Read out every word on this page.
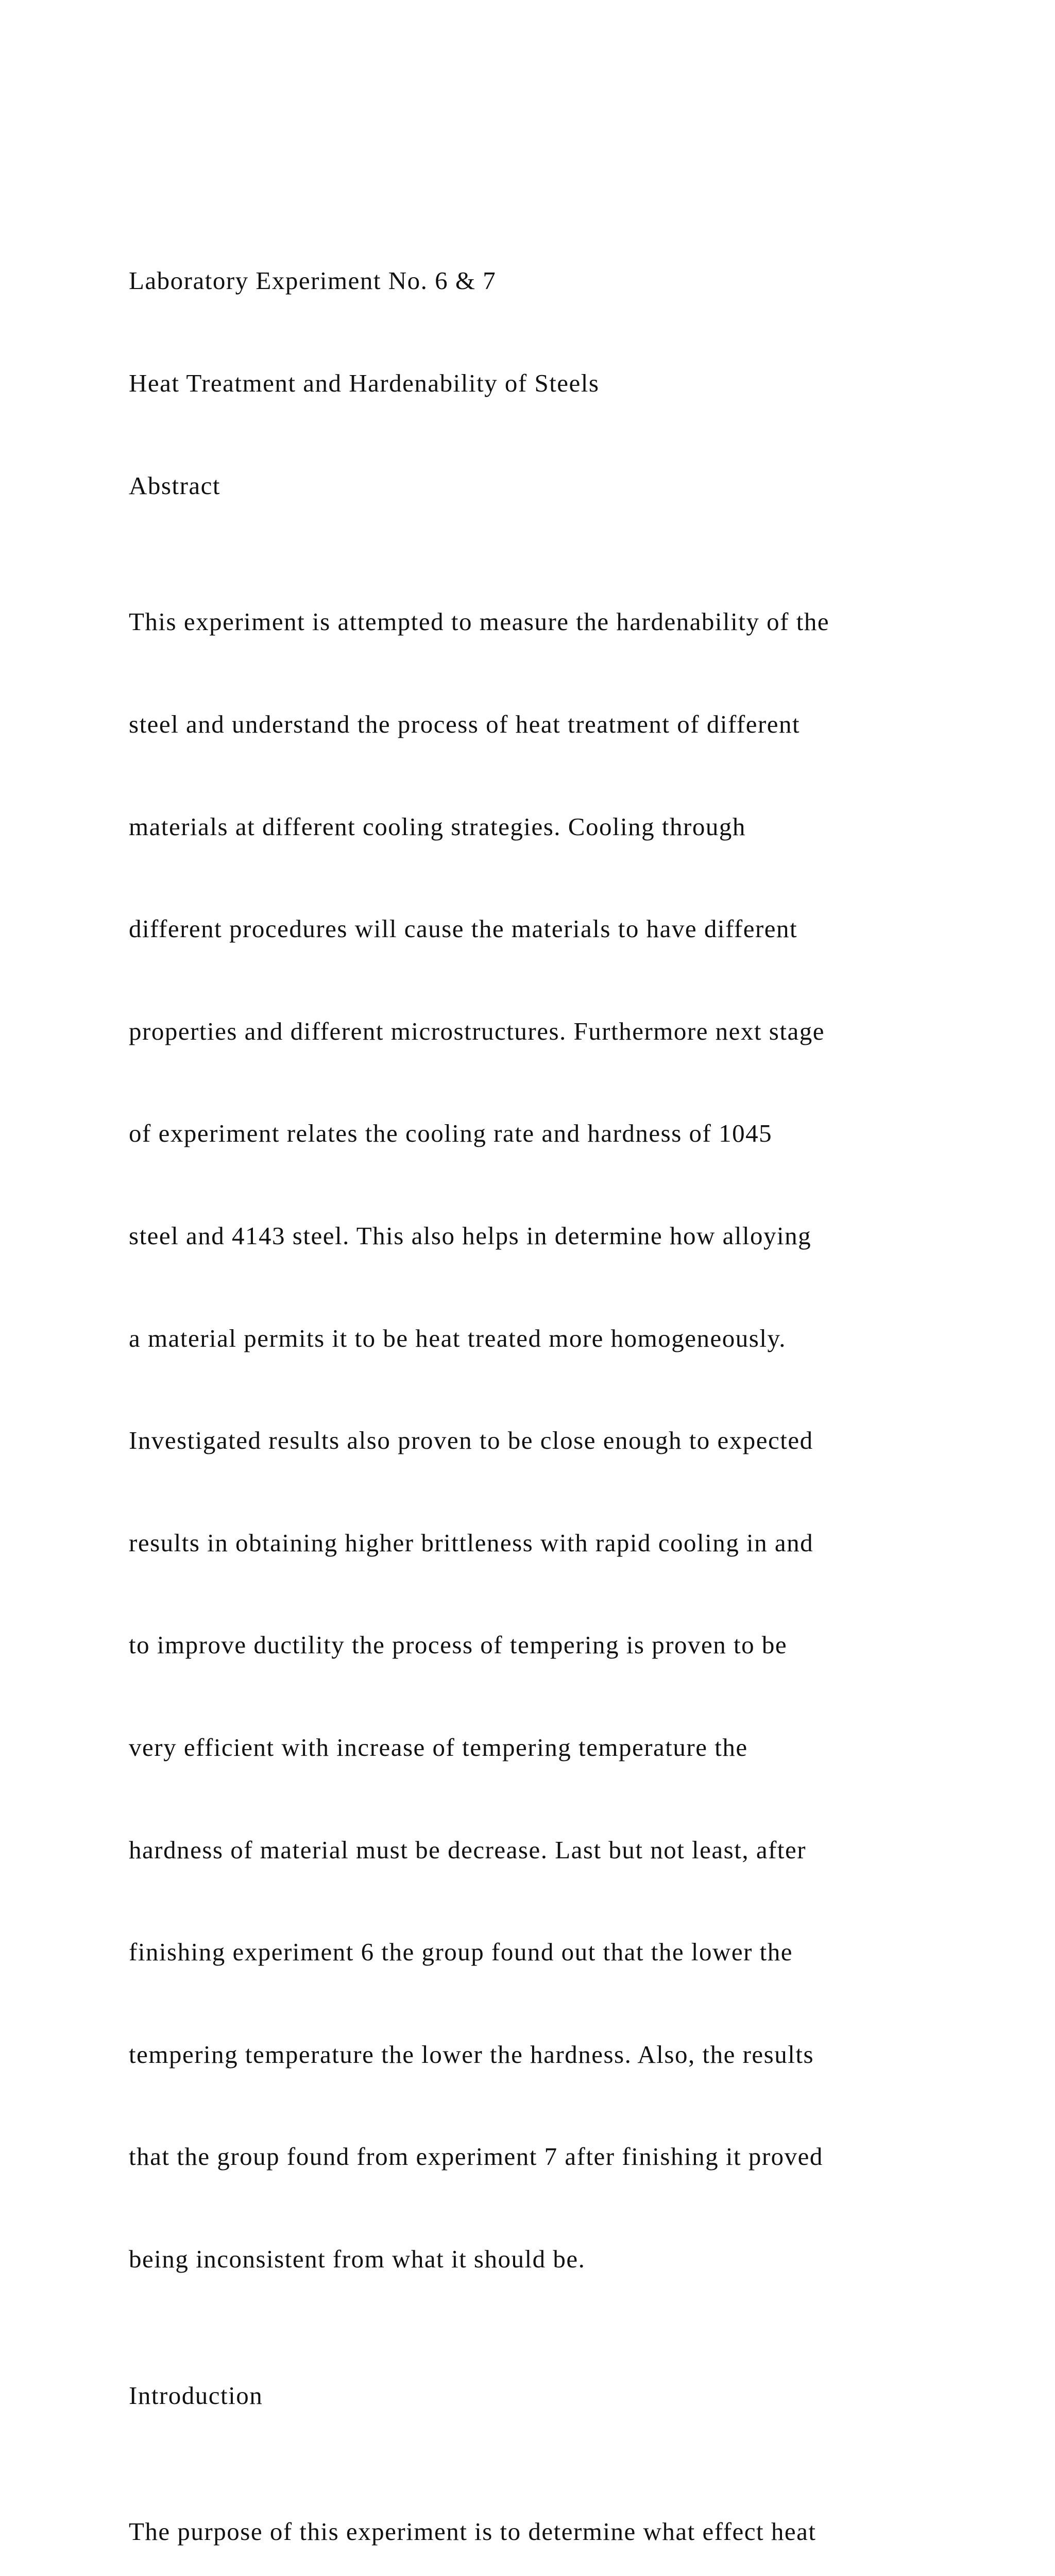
Laboratory Experiment No. 6 & 7

Heat Treatment and Hardenability of Steels

Abstract

This experiment is attempted to measure the hardenability of the

steel and understand the process of heat treatment of different

materials at different cooling strategies. Cooling through

different procedures will cause the materials to have different

properties and different microstructures. Furthermore next stage

of experiment relates the cooling rate and hardness of 1045

steel and 4143 steel. This also helps in determine how alloying

a material permits it to be heat treated more homogeneously.

Investigated results also proven to be close enough to expected

results in obtaining higher brittleness with rapid cooling in and

to improve ductility the process of tempering is proven to be

very efficient with increase of tempering temperature the

hardness of material must be decrease. Last but not least, after

finishing experiment 6 the group found out that the lower the

tempering temperature the lower the hardness. Also, the results

that the group found from experiment 7 after finishing it proved

being inconsistent from what it should be.

Introduction

The purpose of this experiment is to determine what effect heat
